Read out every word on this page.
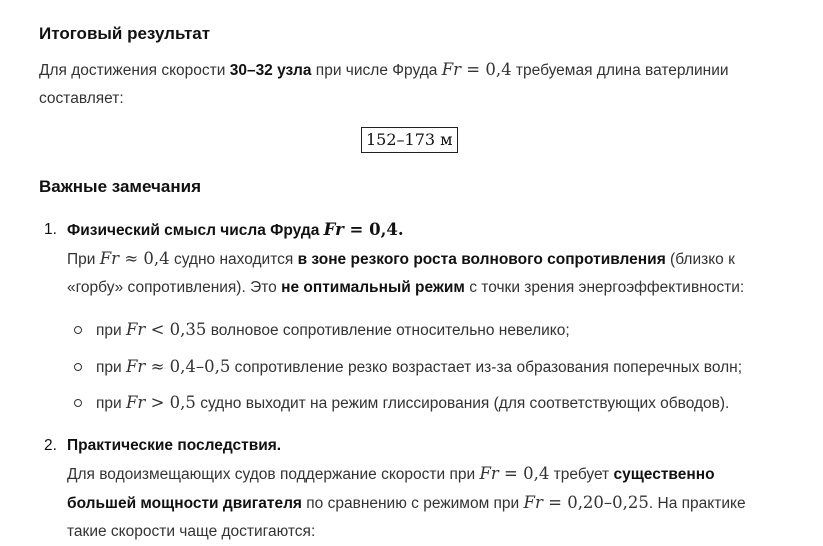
Итоговый результат

Для достижения скорости 30–32 узла при числе Фруда Fr = 0,4 требуемая длина ватерлинии
составляет:

152–173 м
Важные замечания
1. Физический смысл числа Фруда Fr = 0,4.
При Fr ≈ 0,4 судно находится в зоне резкого роста волнового сопротивления (близко к
«горбу» сопротивления). Это не оптимальный режим с точки зрения энергоэффективности:
при Fr < 0,35 волновое сопротивление относительно невелико;
при Fr ≈ 0,4–0,5 сопротивление резко возрастает из-за образования поперечных волн;
при Fr > 0,5 судно выходит на режим глиссирования (для соответствующих обводов).
2. Практические последствия.
Для водоизмещающих судов поддержание скорости при Fr = 0,4 требует существенно
большей мощности двигателя по сравнению с режимом при Fr = 0,20–0,25. На практике
такие скорости чаще достигаются:
